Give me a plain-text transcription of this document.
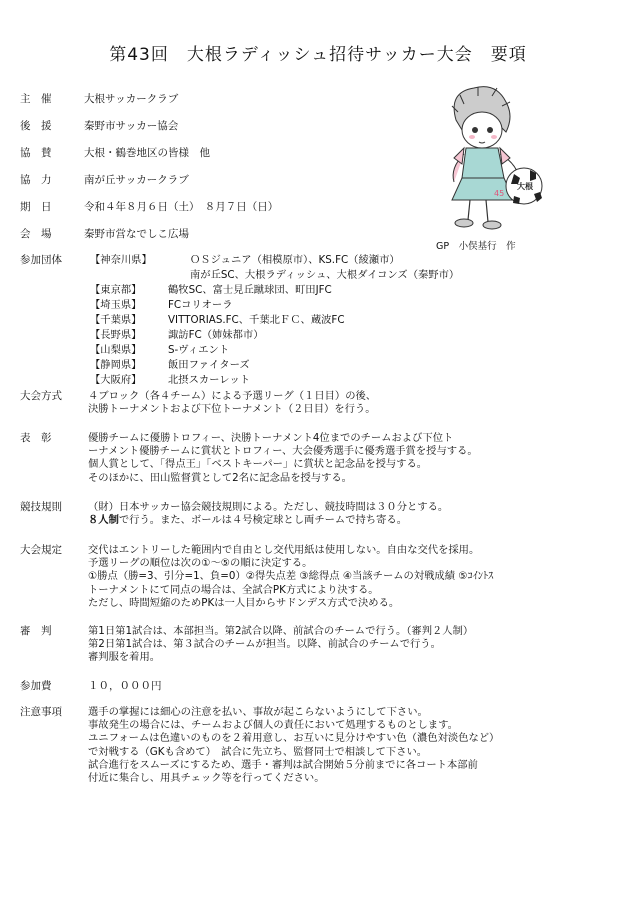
第43回　大根ラディッシュ招待サッカー大会　要項
主　催	大根サッカークラブ
後　援	秦野市サッカー協会
協　賛	大根・鶴巻地区の皆様　他
協　力	南が丘サッカークラブ
期　日	令和４年８月６日（土）　８月７日（日）
会　場	秦野市営なでしこ広場
参加団体	【神奈川県】	ＯＳジュニア（相模原市）、KS.FC（綾瀬市）
南が丘SC、大根ラディッシュ、大根ダイコンズ（秦野市）
【東京都】	鶴牧SC、富士見丘蹴球団、町田JFC
【埼玉県】	FCコリオーラ
【千葉県】	VITTORIAS.FC、千葉北ＦＣ、蔵波FC
【長野県】	諏訪FC（姉妹都市）
【山梨県】	S-ヴィエント
【静岡県】	飯田ファイターズ
【大阪府】	北摂スカーレット
大会方式	４ブロック（各４チーム）による予選リーグ（１日目）の後、
決勝トーナメントおよび下位トーナメント（２日目）を行う。
表　彰	優勝チームに優勝トロフィー、決勝トーナメント4位までのチームおよび下位ト
ーナメント優勝チームに賞状とトロフィー、大会優秀選手に優秀選手賞を授与する。
個人賞として、「得点王」「ベストキーパー」に賞状と記念品を授与する。
そのほかに、田山監督賞として2名に記念品を授与する。
競技規則	（財）日本サッカー協会競技規則による。ただし、競技時間は３０分とする。
８人制で行う。また、ボールは４号検定球とし両チームで持ち寄る。
大会規定	交代はエントリーした範囲内で自由とし交代用紙は使用しない。自由な交代を採用。
予選リーグの順位は次の①～⑤の順に決定する。
①勝点（勝=3、引分=1、負=0）②得失点差 ③総得点 ④当該チームの対戦成績 ⑤ｺｲﾝﾄｽ
トーナメントにて同点の場合は、全試合PK方式により決する。
ただし、時間短縮のためPKは一人目からサドンデス方式で決める。
審　判	第1日第1試合は、本部担当。第2試合以降、前試合のチームで行う。（審判２人制）
第2日第1試合は、第３試合のチームが担当。以降、前試合のチームで行う。
審判服を着用。
参加費	１０，０００円
注意事項	選手の掌握には細心の注意を払い、事故が起こらないようにして下さい。
事故発生の場合には、チームおよび個人の責任において処理するものとします。
ユニフォームは色違いのものを２着用意し、お互いに見分けやすい色（濃色対淡色など）
で対戦する（GKも含めて）　試合に先立ち、監督同士で相談して下さい。
試合進行をスムーズにするため、選手・審判は試合開始５分前までに各コート本部前
付近に集合し、用具チェック等を行ってください。
45
大根
GP　小俣基行　作
